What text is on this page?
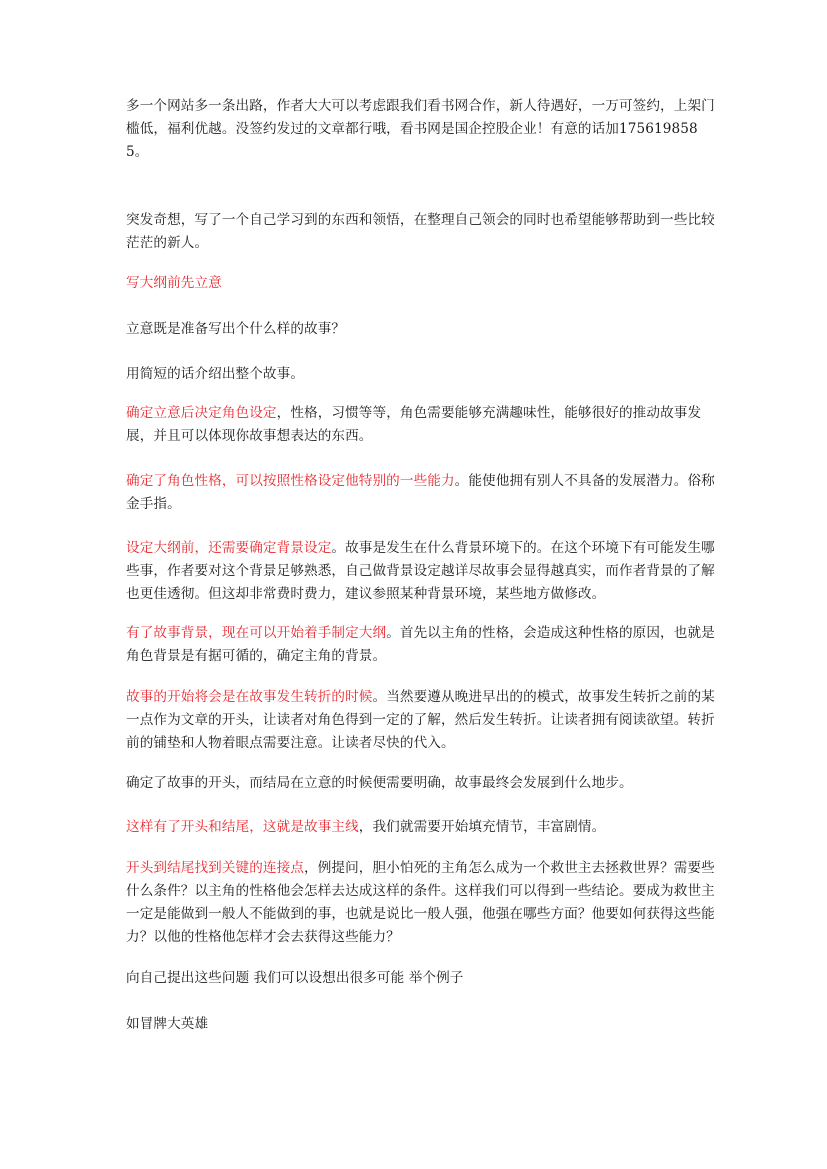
多一个网站多一条出路，作者大大可以考虑跟我们看书网合作，新人待遇好，一万可签约，上架门槛低，福利优越。没签约发过的文章都行哦，看书网是国企控股企业！有意的话加1756198585。

突发奇想，写了一个自己学习到的东西和领悟，在整理自己领会的同时也希望能够帮助到一些比较茫茫的新人。

写大纲前先立意

立意既是准备写出个什么样的故事？

用简短的话介绍出整个故事。

确定立意后决定角色设定，性格，习惯等等，角色需要能够充满趣味性，能够很好的推动故事发展，并且可以体现你故事想表达的东西。

确定了角色性格，可以按照性格设定他特别的一些能力。能使他拥有别人不具备的发展潜力。俗称金手指。

设定大纲前，还需要确定背景设定。故事是发生在什么背景环境下的。在这个环境下有可能发生哪些事，作者要对这个背景足够熟悉，自己做背景设定越详尽故事会显得越真实，而作者背景的了解也更佳透彻。但这却非常费时费力，建议参照某种背景环境，某些地方做修改。

有了故事背景，现在可以开始着手制定大纲。首先以主角的性格，会造成这种性格的原因，也就是角色背景是有据可循的，确定主角的背景。

故事的开始将会是在故事发生转折的时候。当然要遵从晚进早出的的模式，故事发生转折之前的某一点作为文章的开头，让读者对角色得到一定的了解，然后发生转折。让读者拥有阅读欲望。转折前的铺垫和人物着眼点需要注意。让读者尽快的代入。

确定了故事的开头，而结局在立意的时候便需要明确，故事最终会发展到什么地步。

这样有了开头和结尾，这就是故事主线，我们就需要开始填充情节，丰富剧情。

开头到结尾找到关键的连接点，例提问，胆小怕死的主角怎么成为一个救世主去拯救世界？需要些什么条件？以主角的性格他会怎样去达成这样的条件。这样我们可以得到一些结论。要成为救世主一定是能做到一般人不能做到的事，也就是说比一般人强，他强在哪些方面？他要如何获得这些能力？以他的性格他怎样才会去获得这些能力？

向自己提出这些问题 我们可以设想出很多可能 举个例子

如冒牌大英雄
